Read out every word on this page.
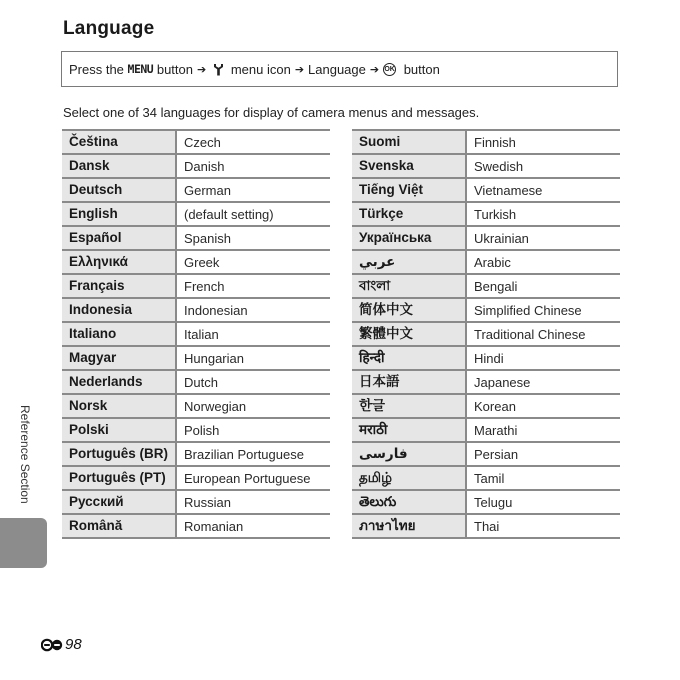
Language
Press the MENU button ➔ menu icon ➔ Language ➔ OK button
Select one of 34 languages for display of camera menus and messages.
Čeština	Czech
Dansk	Danish
Deutsch	German
English	(default setting)
Español	Spanish
Ελληνικά	Greek
Français	French
Indonesia	Indonesian
Italiano	Italian
Magyar	Hungarian
Nederlands	Dutch
Norsk	Norwegian
Polski	Polish
Português (BR)	Brazilian Portuguese
Português (PT)	European Portuguese
Русский	Russian
Română	Romanian
Suomi	Finnish
Svenska	Swedish
Tiếng Việt	Vietnamese
Türkçe	Turkish
Українська	Ukrainian
عربي	Arabic
বাংলা	Bengali
简体中文	Simplified Chinese
繁體中文	Traditional Chinese
हिन्दी	Hindi
日本語	Japanese
한글	Korean
मराठी	Marathi
فارسی	Persian
தமிழ்	Tamil
తెలుగు	Telugu
ภาษาไทย	Thai
Reference Section
98
